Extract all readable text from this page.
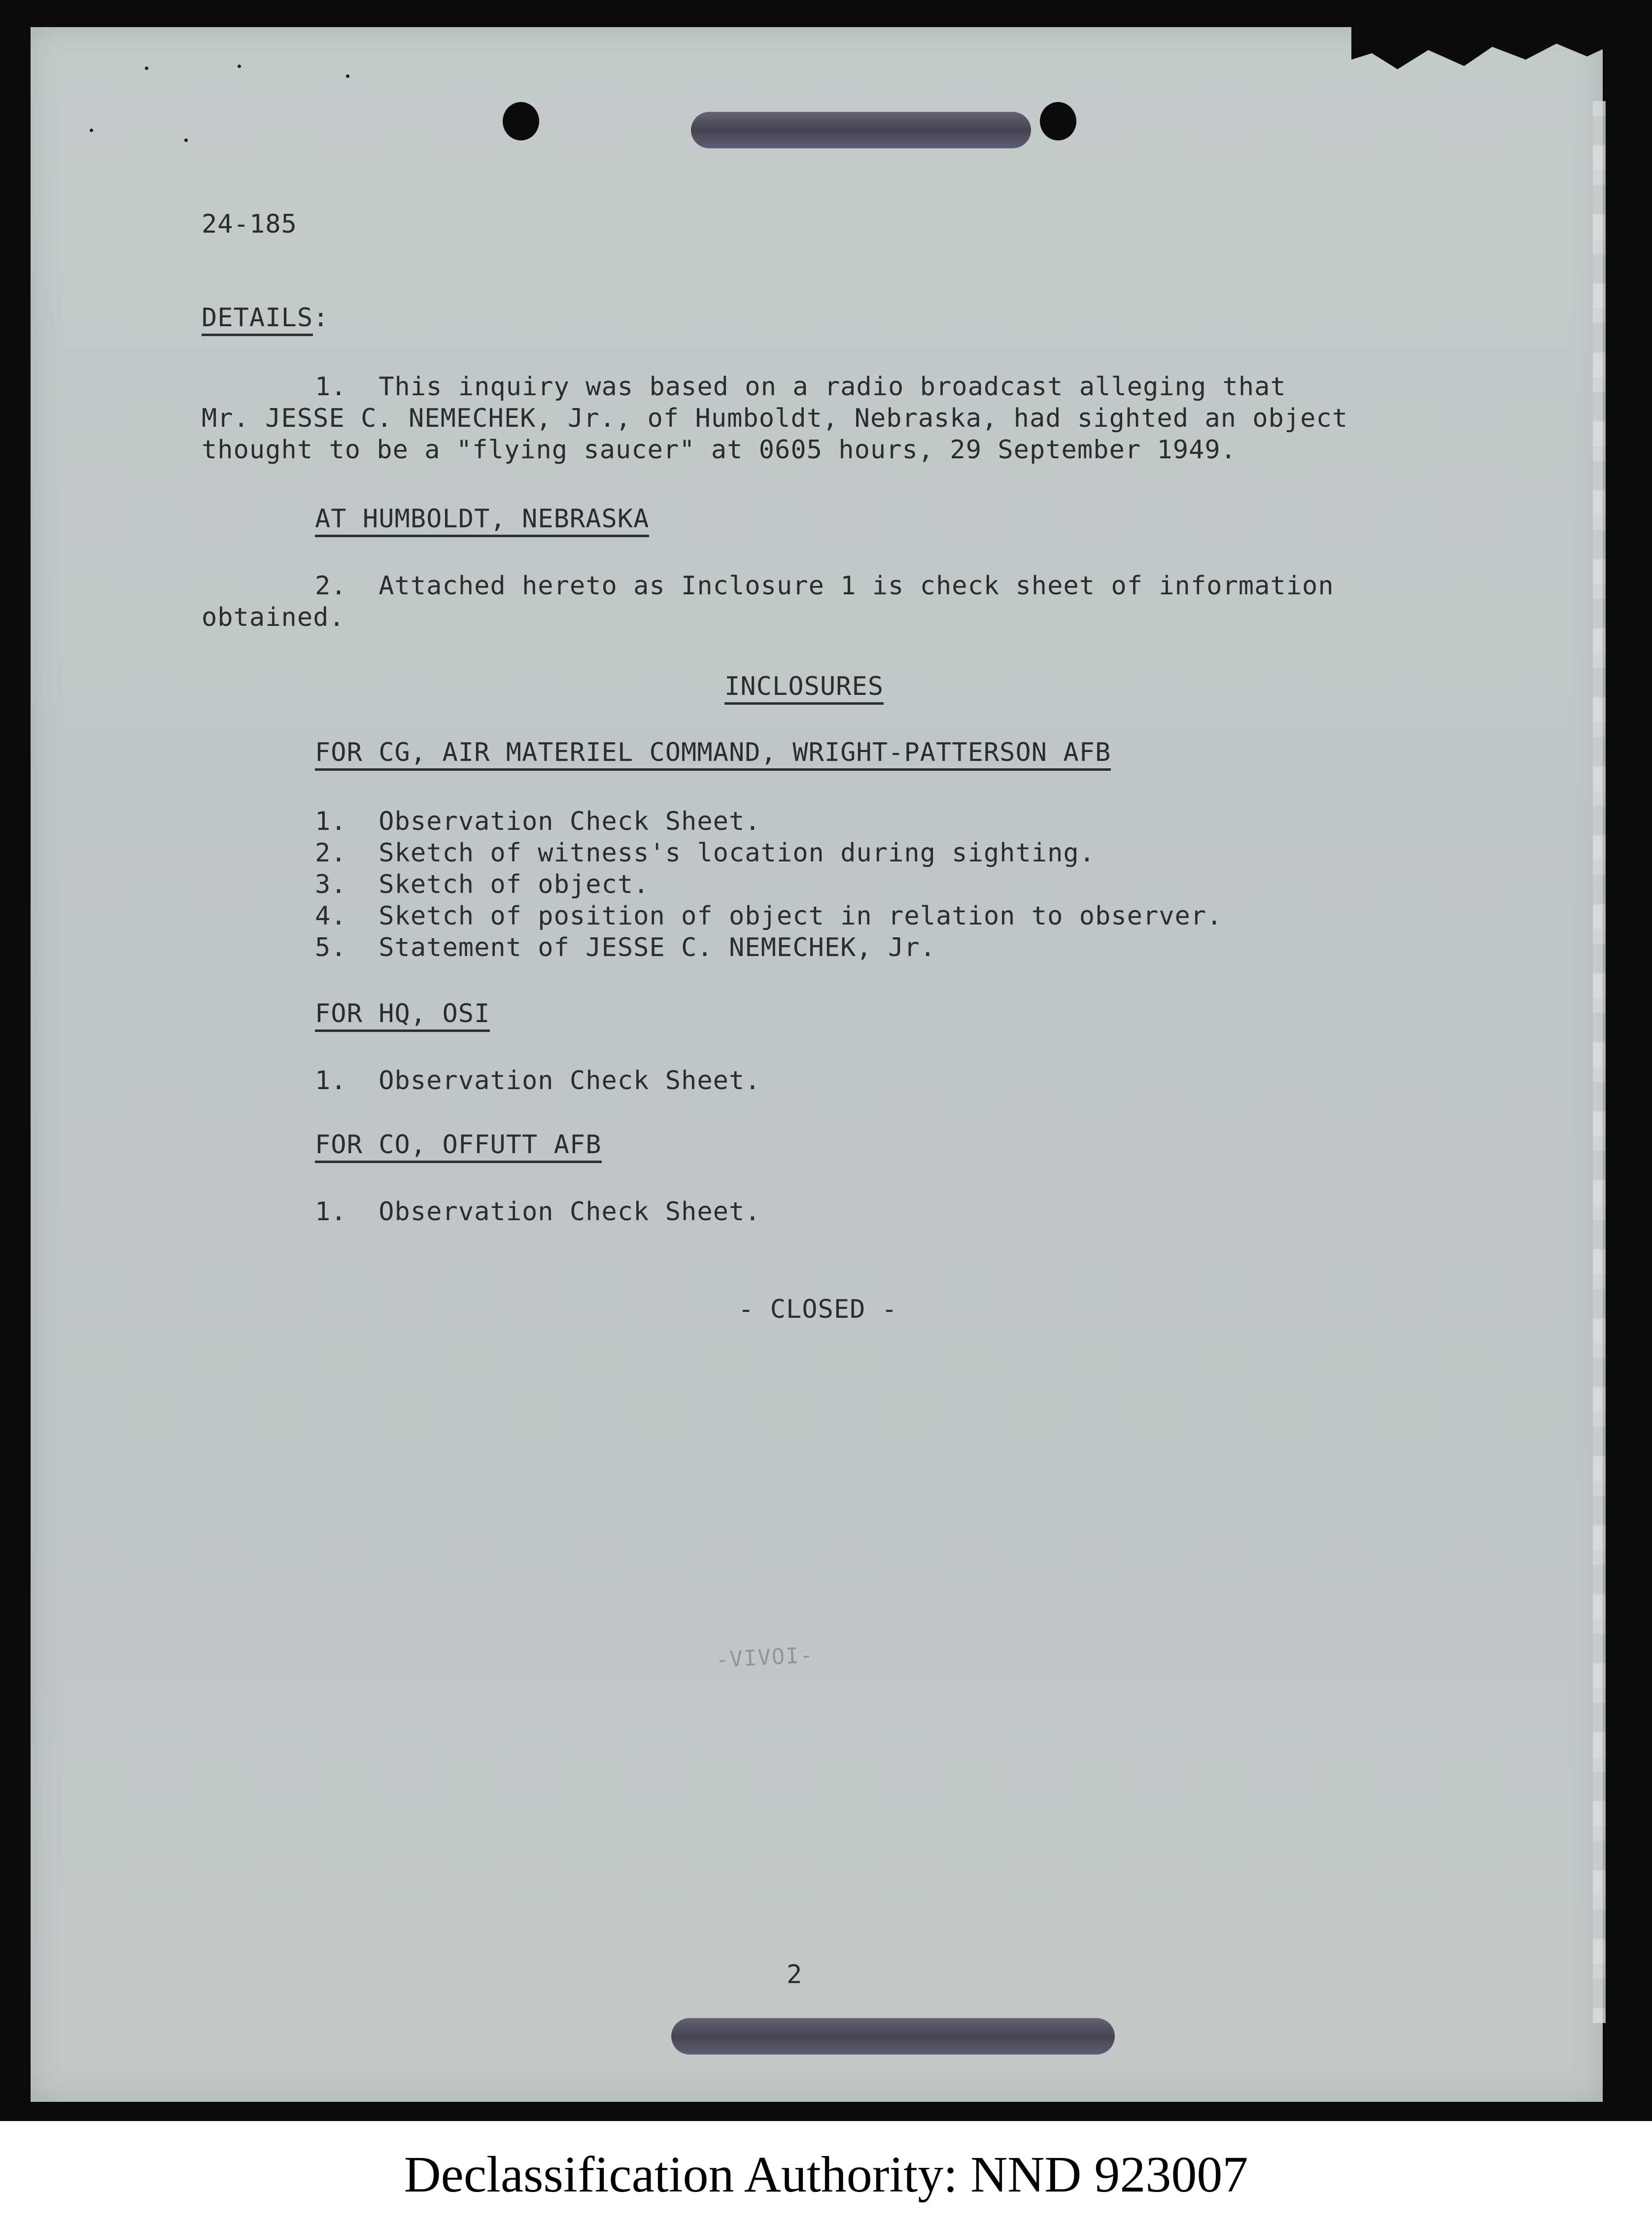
24-185

DETAILS:

1.  This inquiry was based on a radio broadcast alleging that

Mr. JESSE C. NEMECHEK, Jr., of Humboldt, Nebraska, had sighted an object

thought to be a "flying saucer" at 0605 hours, 29 September 1949.

AT HUMBOLDT, NEBRASKA

2.  Attached hereto as Inclosure 1 is check sheet of information

obtained.

INCLOSURES

FOR CG, AIR MATERIEL COMMAND, WRIGHT-PATTERSON AFB

1.  Observation Check Sheet.

2.  Sketch of witness's location during sighting.

3.  Sketch of object.

4.  Sketch of position of object in relation to observer.

5.  Statement of JESSE C. NEMECHEK, Jr.

FOR HQ, OSI

1.  Observation Check Sheet.

FOR CO, OFFUTT AFB

1.  Observation Check Sheet.

- CLOSED -

-VIVOI-

2

Declassification Authority: NND 923007
